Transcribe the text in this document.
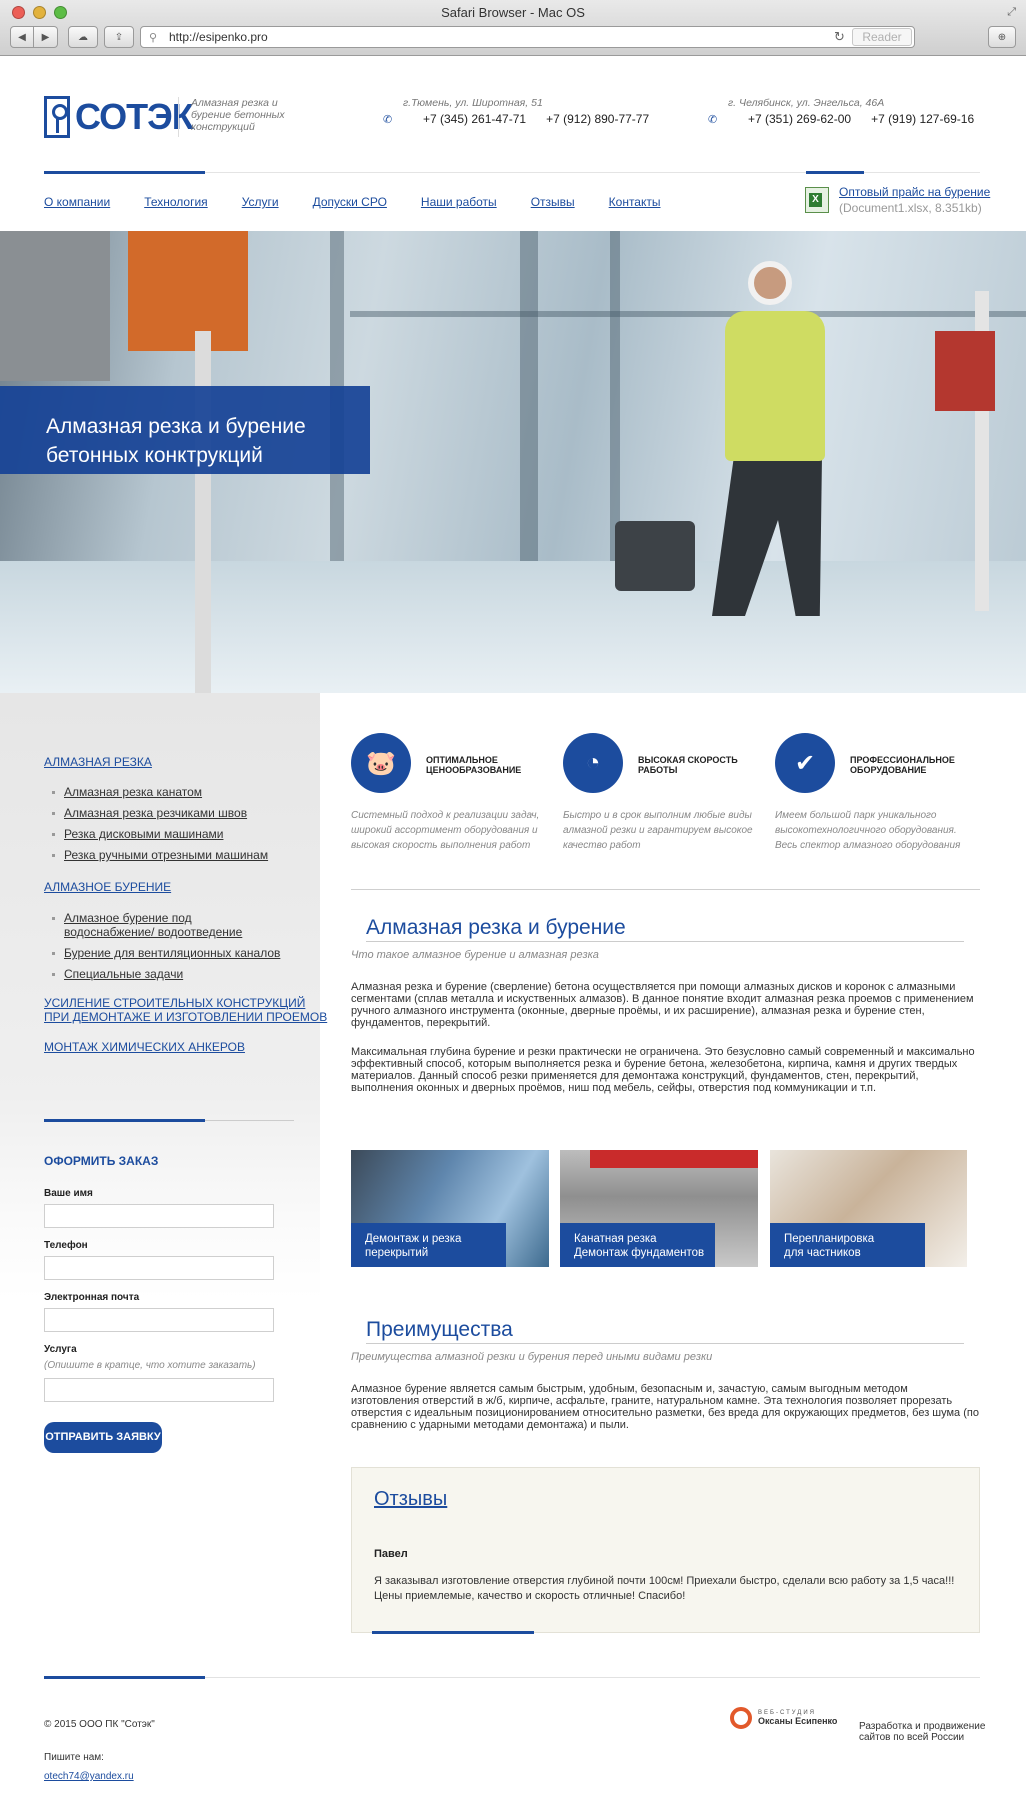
Safari Browser - Mac OS	⤢
◀ ▶	☁	⇪ ⚲ http://esipenko.pro	↻	Reader	⊕
СОТЭК
Алмазная резка и бурение бетонных конструкций
г.Тюмень, ул. Широтная, 51
✆	+7 (345) 261-47-71 +7 (912) 890-77-77
г. Челябинск, ул. Энгельса, 46А
✆	+7 (351) 269-62-00 +7 (919) 127-69-16
О компании	Технология	Услуги	Допуски СРО	Наши работы	Отзывы	Контакты
X
Оптовый прайс на бурение
(Document1.xlsx, 8.351kb)
Алмазная резка и бурение
бетонных конктрукций
АЛМАЗНАЯ РЕЗКА
Алмазная резка канатом
Алмазная резка резчиками швов
Резка дисковыми машинами
Резка ручными отрезными машинам
АЛМАЗНОЕ БУРЕНИЕ
Алмазное бурение под водоснабжение/ водоотведение
Бурение для вентиляционных каналов
Специальные задачи
УСИЛЕНИЕ СТРОИТЕЛЬНЫХ КОНСТРУКЦИЙ
ПРИ ДЕМОНТАЖЕ И ИЗГОТОВЛЕНИИ ПРОЕМОВ
МОНТАЖ ХИМИЧЕСКИХ АНКЕРОВ
ОФОРМИТЬ ЗАКАЗ
Ваше имя
Телефон
Электронная почта
Услуга
(Опишите в кратце, что хотите заказать)
ОТПРАВИТЬ ЗАЯВКУ
🐷	ОПТИМАЛЬНОЕ ЦЕНООБРАЗОВАНИЕ
Системный подход к реализации задач, широкий ассортимент оборудования и высокая скорость выполнения работ
◔	ВЫСОКАЯ СКОРОСТЬ РАБОТЫ
Быстро и в срок выполним любые виды алмазной резки и гарантируем высокое качество работ
✔	ПРОФЕССИОНАЛЬНОЕ ОБОРУДОВАНИЕ
Имеем большой парк уникального высокотехнологичного оборудования. Весь спектор алмазного оборудования
Алмазная резка и бурение
Что такое алмазное бурение и алмазная резка
Алмазная резка и бурение (сверление) бетона осуществляется при помощи алмазных дисков и коронок с алмазными сегментами (сплав металла и искуственных алмазов). В данное понятие входит алмазная резка проемов с применением ручного алмазного инструмента (оконные, дверные проёмы, и их расширение), алмазная резка и бурение стен, фундаментов, перекрытий.
Максимальная глубина бурение и резки практически не ограничена. Это безусловно самый современный и максимально эффективный способ, которым выполняется резка и бурение бетона, железобетона, кирпича, камня и других твердых материалов. Данный способ резки применяется для демонтажа конструкций, фундаментов, стен, перекрытий, выполнения оконных и дверных проёмов, ниш под мебель, сейфы, отверстия под коммуникации и т.п.
Демонтаж и резка
перекрытий
Канатная резка
Демонтаж фундаментов
Перепланировка
для частников
Преимущества
Преимущества алмазной резки и бурения перед иными видами резки
Алмазное бурение является самым быстрым, удобным, безопасным и, зачастую, самым выгодным методом изготовления отверстий в ж/б, кирпиче, асфальте, граните, натуральном камне. Эта технология позволяет прорезать отверстия с идеальным позиционированием относительно разметки, без вреда для окружающих предметов, без шума (по сравнению с ударными методами демонтажа) и пыли.
Отзывы
Павел
Я заказывал изготовление отверстия глубиной почти 100см! Приехали быстро, сделали всю работу за 1,5 часа!!! Цены приемлемые, качество и скорость отличные! Спасибо!
© 2015 ООО ПК "Сотэк"
Пишите нам:
otech74@yandex.ru
ВЕБ-СТУДИЯ
Оксаны Есипенко Разработка и продвижение сайтов по всей России
